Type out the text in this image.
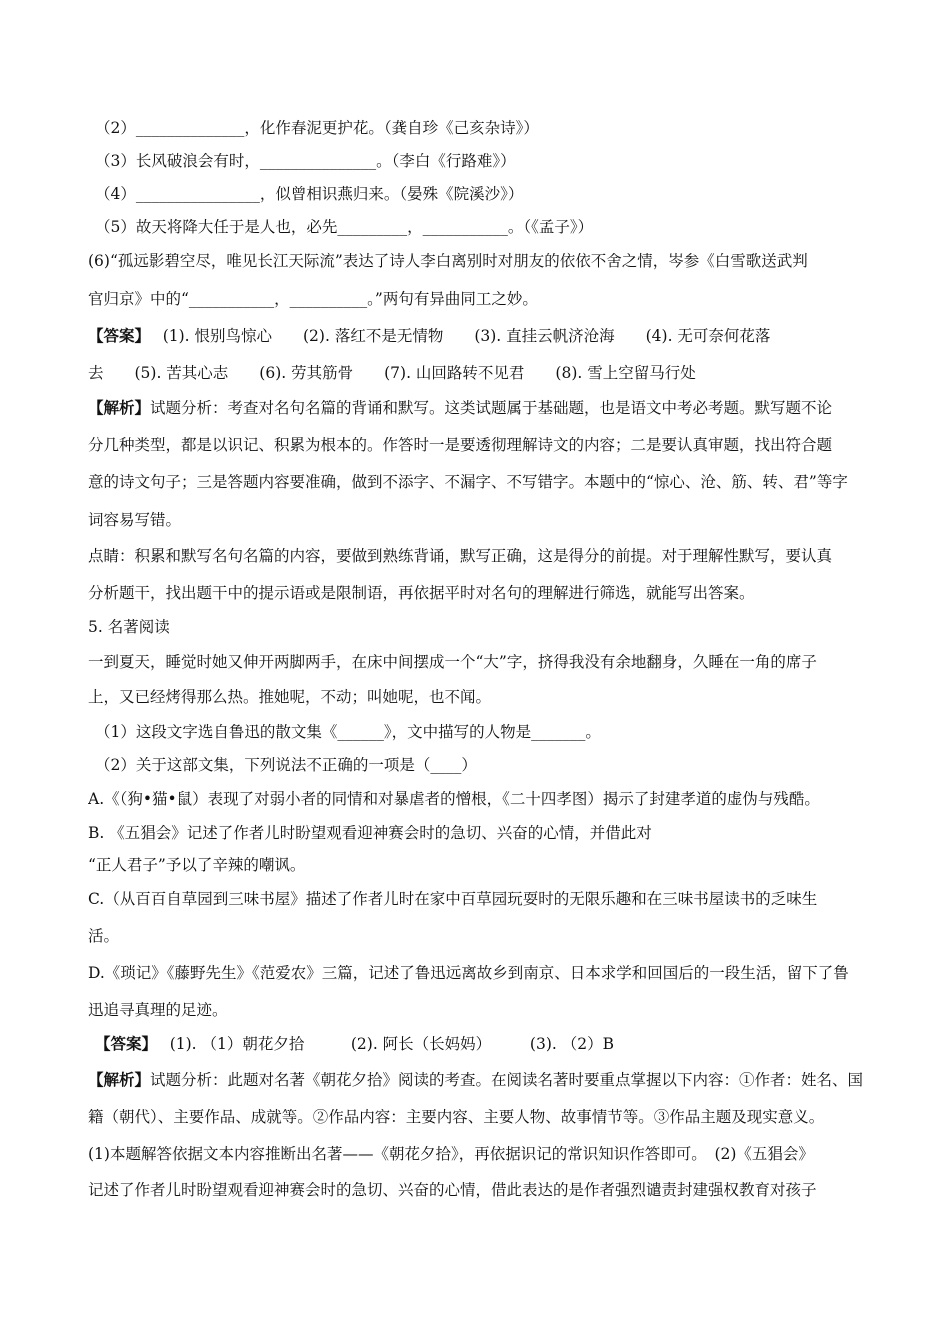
（2）______________，化作春泥更护花。（龚自珍《己亥杂诗》）
（3）长风破浪会有时，_______________。（李白《行路难》）
（4）________________，似曾相识燕归来。（晏殊《院溪沙》）
（5）故天将降大任于是人也，必先_________，___________。（《孟子》）
(6)“孤远影碧空尽，唯见长江天际流”表达了诗人李白离别时对朋友的依依不舍之情，岑参《白雪歌送武判
官归京》中的“___________，__________。”两句有异曲同工之妙。
【答案】　 (1). 恨别鸟惊心　　(2). 落红不是无情物　　(3). 直挂云帆济沧海　　(4). 无可奈何花落
去　　(5). 苦其心志　　(6). 劳其筋骨　　(7). 山回路转不见君　　(8). 雪上空留马行处
【解析】试题分析：考查对名句名篇的背诵和默写。这类试题属于基础题，也是语文中考必考题。默写题不论
分几种类型，都是以识记、积累为根本的。作答时一是要透彻理解诗文的内容；二是要认真审题，找出符合题
意的诗文句子；三是答题内容要准确，做到不添字、不漏字、不写错字。本题中的“惊心、沧、筋、转、君”等字
词容易写错。
点睛：积累和默写名句名篇的内容，要做到熟练背诵，默写正确，这是得分的前提。对于理解性默写，要认真
分析题干，找出题干中的提示语或是限制语，再依据平时对名句的理解进行筛选，就能写出答案。
5. 名著阅读
一到夏天，睡觉时她又伸开两脚两手，在床中间摆成一个“大”字，挤得我没有余地翻身，久睡在一角的席子
上，又已经烤得那么热。推她呢，不动；叫她呢，也不闻。
（1）这段文字选自鲁迅的散文集《______》，文中描写的人物是_______。
（2）关于这部文集，下列说法不正确的一项是（____）
A.《（狗•猫•鼠）表现了对弱小者的同情和对暴虐者的憎根，《二十四孝图）揭示了封建孝道的虚伪与残酷。
B. 《五猖会》记述了作者儿时盼望观看迎神赛会时的急切、兴奋的心情，并借此对
“正人君子”予以了辛辣的嘲讽。
C.（从百百自草园到三味书屋》描述了作者儿时在家中百草园玩耍时的无限乐趣和在三味书屋读书的乏味生
活。
D.《琐记》《藤野先生》《范爱农》三篇，记述了鲁迅远离故乡到南京、日本求学和回国后的一段生活，留下了鲁
迅追寻真理的足迹。
【答案】　 (1). （1）朝花夕拾　　　(2). 阿长（长妈妈）　　　(3). （2）B
【解析】试题分析：此题对名著《朝花夕拾》阅读的考查。在阅读名著时要重点掌握以下内容：①作者：姓名、国
籍（朝代）、主要作品、成就等。②作品内容：主要内容、主要人物、故事情节等。③作品主题及现实意义。
(1)本题解答依据文本内容推断出名著——《朝花夕拾》，再依据识记的常识知识作答即可。　(2)《五猖会》
记述了作者儿时盼望观看迎神赛会时的急切、兴奋的心情，借此表达的是作者强烈谴责封建强权教育对孩子
